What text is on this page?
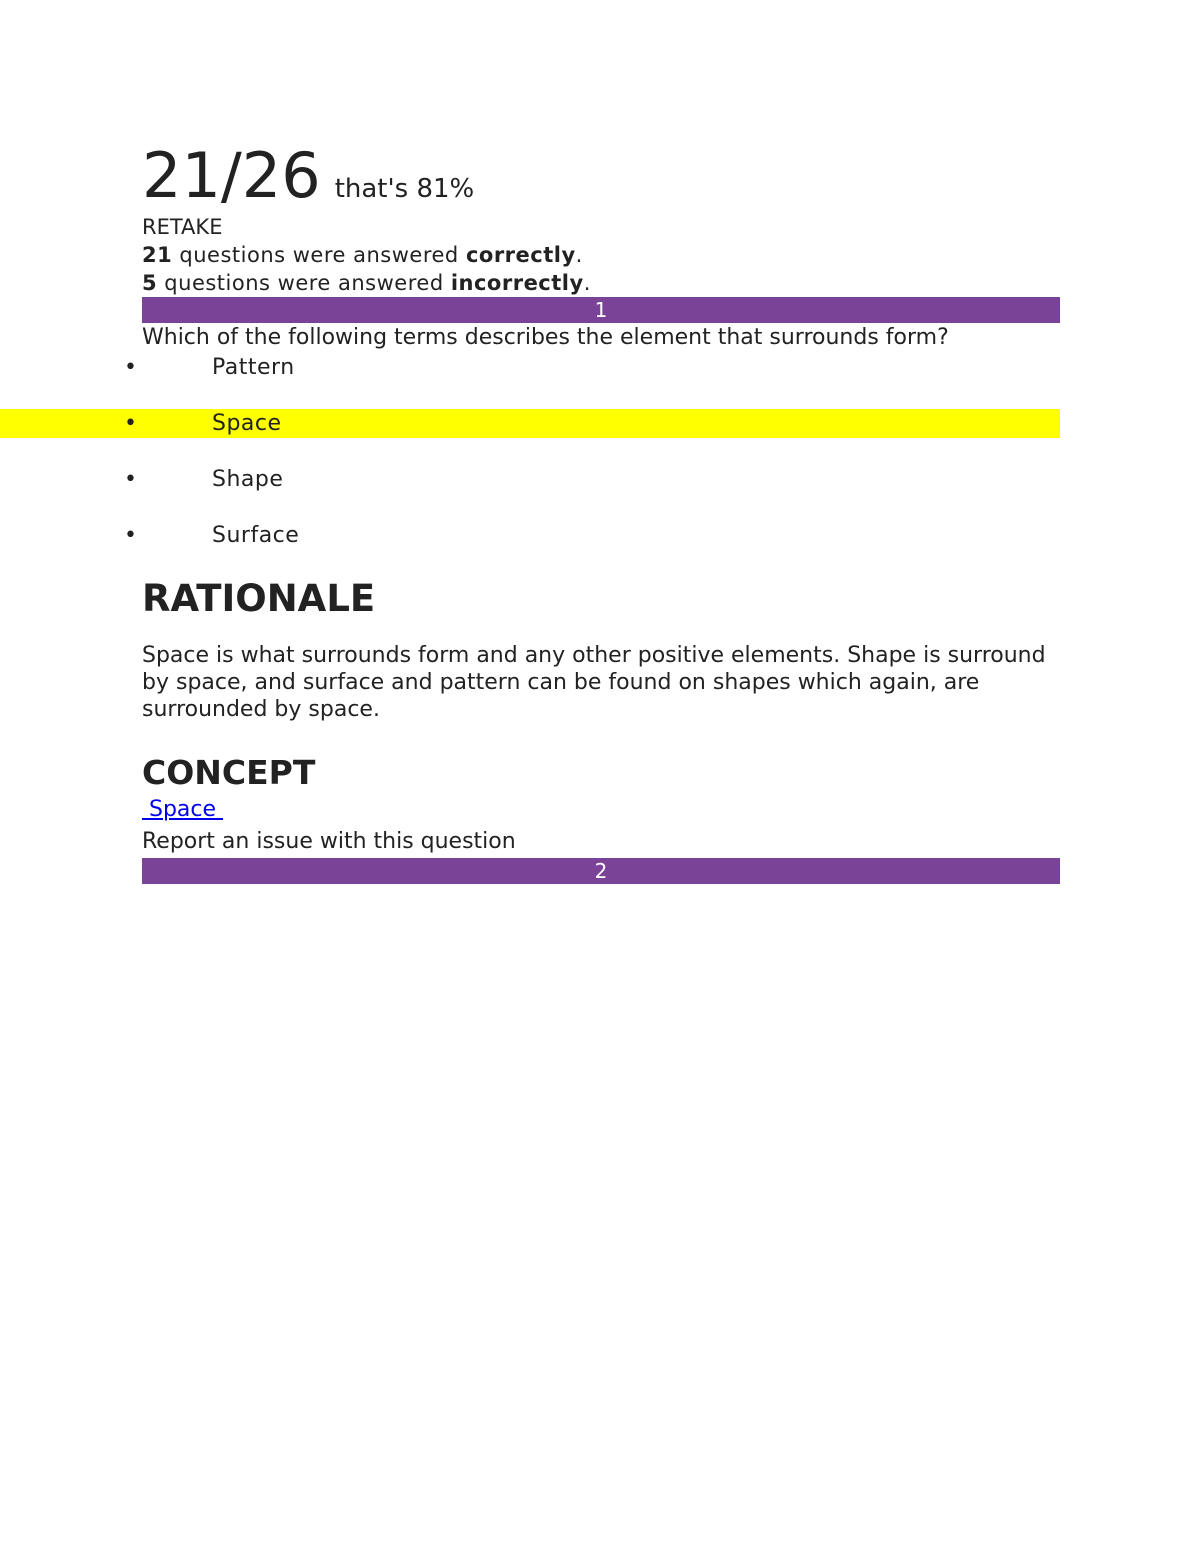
21/26 that's 81%
RETAKE
21 questions were answered correctly.
5 questions were answered incorrectly.
1
Which of the following terms describes the element that surrounds form?
•	Pattern
•	Space
•	Shape
•	Surface
RATIONALE
Space is what surrounds form and any other positive elements. Shape is surround by space, and surface and pattern can be found on shapes which again, are surrounded by space.
CONCEPT
Space
Report an issue with this question
2
